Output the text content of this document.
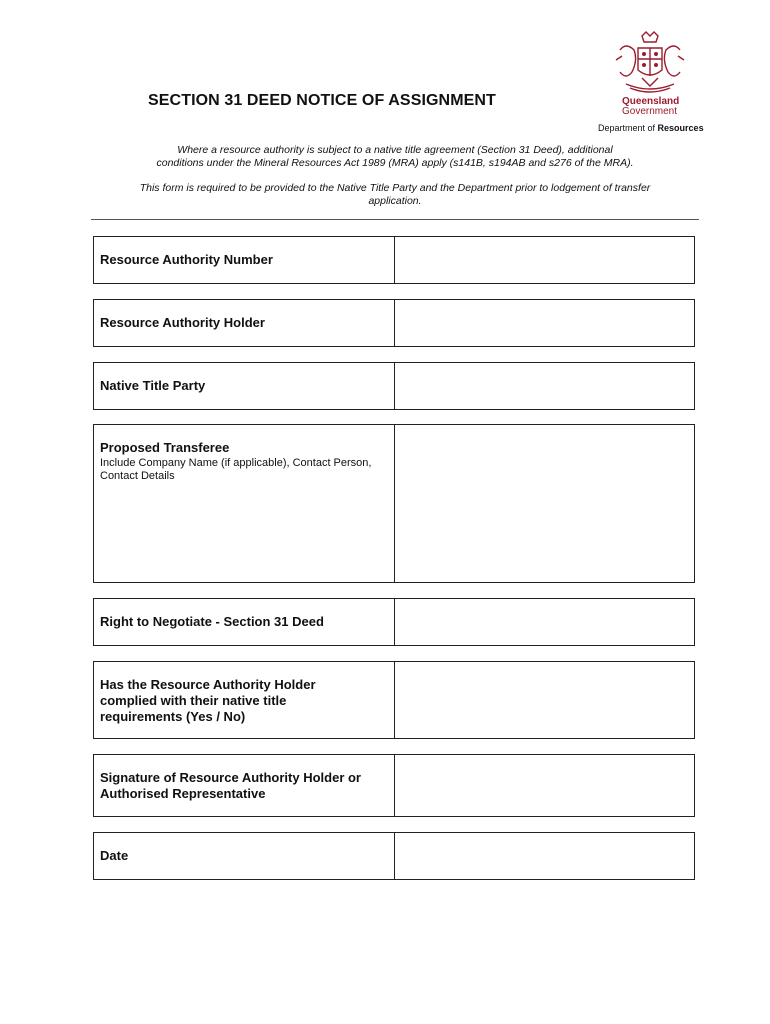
SECTION 31 DEED NOTICE OF ASSIGNMENT	Queensland
Government
Department of Resources
Where a resource authority is subject to a native title agreement (Section 31 Deed), additional
conditions under the Mineral Resources Act 1989 (MRA) apply (s141B, s194AB and s276 of the MRA).
This form is required to be provided to the Native Title Party and the Department prior to lodgement of transfer
application.
Resource Authority Number
Resource Authority Holder
Native Title Party
Proposed Transferee
Include Company Name (if applicable), Contact Person,
Contact Details
Right to Negotiate - Section 31 Deed
Has the Resource Authority Holder
complied with their native title
requirements (Yes / No)
Signature of Resource Authority Holder or
Authorised Representative
Date
